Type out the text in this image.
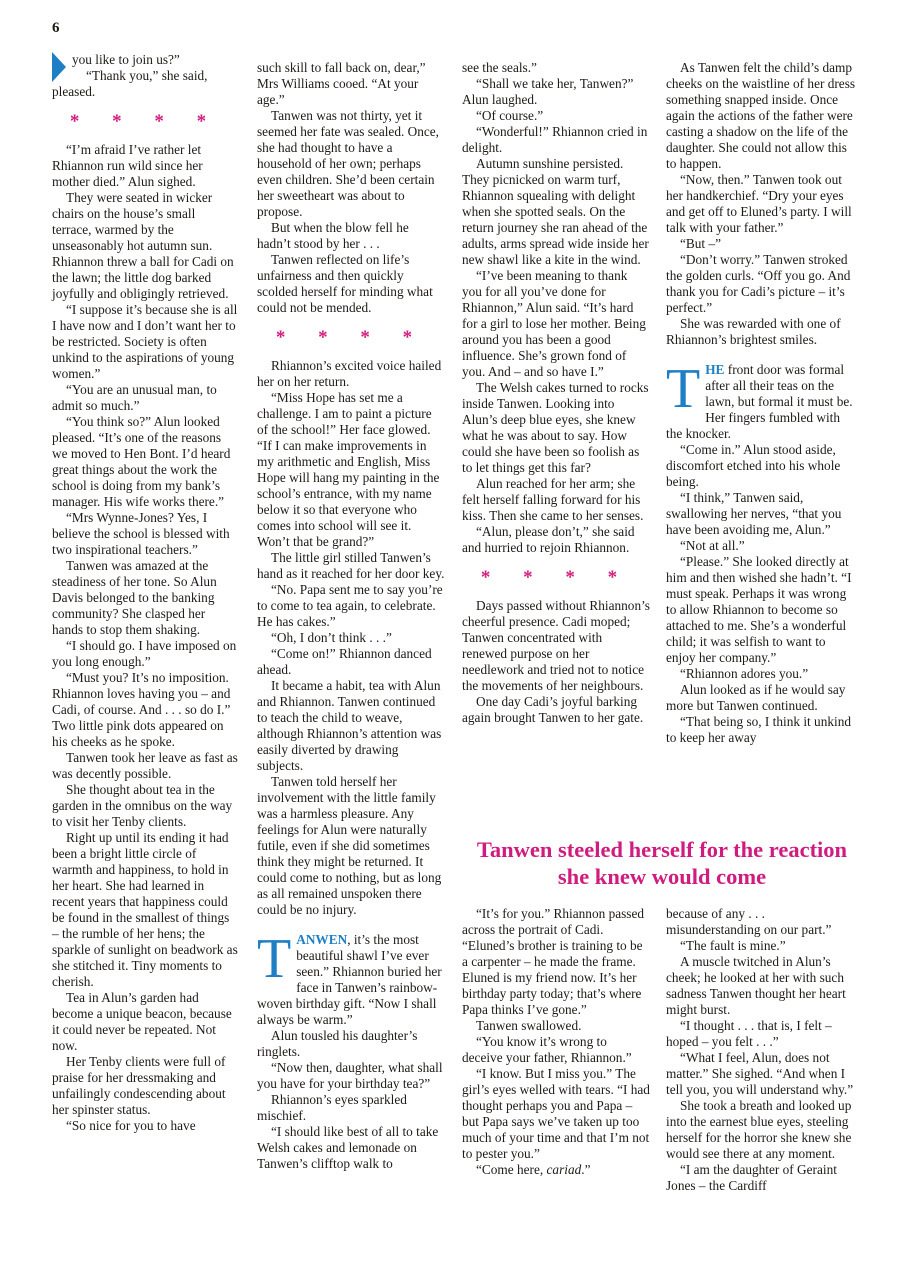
6

you like to join us?”
“Thank you,” she said, pleased.

* * * *

“I’m afraid I’ve rather let Rhiannon run wild since her mother died.” Alun sighed.

They were seated in wicker chairs on the house’s small terrace, warmed by the unseasonably hot autumn sun. Rhiannon threw a ball for Cadi on the lawn; the little dog barked joyfully and obligingly retrieved.

“I suppose it’s because she is all I have now and I don’t want her to be restricted. Society is often unkind to the aspirations of young women.”

“You are an unusual man, to admit so much.”

“You think so?” Alun looked pleased. “It’s one of the reasons we moved to Hen Bont. I’d heard great things about the work the school is doing from my bank’s manager. His wife works there.”

“Mrs Wynne-Jones? Yes, I believe the school is blessed with two inspirational teachers.”

Tanwen was amazed at the steadiness of her tone. So Alun Davis belonged to the banking community? She clasped her hands to stop them shaking.

“I should go. I have imposed on you long enough.”

“Must you? It’s no imposition. Rhiannon loves having you – and Cadi, of course. And . . . so do I.” Two little pink dots appeared on his cheeks as he spoke.

Tanwen took her leave as fast as was decently possible.

She thought about tea in the garden in the omnibus on the way to visit her Tenby clients.

Right up until its ending it had been a bright little circle of warmth and happiness, to hold in her heart. She had learned in recent years that happiness could be found in the smallest of things – the rumble of her hens; the sparkle of sunlight on beadwork as she stitched it. Tiny moments to cherish.

Tea in Alun’s garden had become a unique beacon, because it could never be repeated. Not now.

Her Tenby clients were full of praise for her dressmaking and unfailingly condescending about her spinster status.

“So nice for you to have

such skill to fall back on, dear,” Mrs Williams cooed. “At your age.”

Tanwen was not thirty, yet it seemed her fate was sealed. Once, she had thought to have a household of her own; perhaps even children. She’d been certain her sweetheart was about to propose.

But when the blow fell he hadn’t stood by her . . .

Tanwen reflected on life’s unfairness and then quickly scolded herself for minding what could not be mended.

* * * *

Rhiannon’s excited voice hailed her on her return.

“Miss Hope has set me a challenge. I am to paint a picture of the school!” Her face glowed. “If I can make improvements in my arithmetic and English, Miss Hope will hang my painting in the school’s entrance, with my name below it so that everyone who comes into school will see it. Won’t that be grand?”

The little girl stilled Tanwen’s hand as it reached for her door key.

“No. Papa sent me to say you’re to come to tea again, to celebrate. He has cakes.”

“Oh, I don’t think . . .”

“Come on!” Rhiannon danced ahead.

It became a habit, tea with Alun and Rhiannon. Tanwen continued to teach the child to weave, although Rhiannon’s attention was easily diverted by drawing subjects.

Tanwen told herself her involvement with the little family was a harmless pleasure. Any feelings for Alun were naturally futile, even if she did sometimes think they might be returned. It could come to nothing, but as long as all remained unspoken there could be no injury.

TANWEN, it’s the most beautiful shawl I’ve ever seen.” Rhiannon buried her face in Tanwen’s rainbow-woven birthday gift. “Now I shall always be warm.”

Alun tousled his daughter’s ringlets.

“Now then, daughter, what shall you have for your birthday tea?”

Rhiannon’s eyes sparkled mischief.

“I should like best of all to take Welsh cakes and lemonade on Tanwen’s clifftop walk to

see the seals.”

“Shall we take her, Tanwen?” Alun laughed.

“Of course.”

“Wonderful!” Rhiannon cried in delight.

Autumn sunshine persisted. They picnicked on warm turf, Rhiannon squealing with delight when she spotted seals. On the return journey she ran ahead of the adults, arms spread wide inside her new shawl like a kite in the wind.

“I’ve been meaning to thank you for all you’ve done for Rhiannon,” Alun said. “It’s hard for a girl to lose her mother. Being around you has been a good influence. She’s grown fond of you. And – and so have I.”

The Welsh cakes turned to rocks inside Tanwen. Looking into Alun’s deep blue eyes, she knew what he was about to say. How could she have been so foolish as to let things get this far?

Alun reached for her arm; she felt herself falling forward for his kiss. Then she came to her senses.

“Alun, please don’t,” she said and hurried to rejoin Rhiannon.

* * * *

Days passed without Rhiannon’s cheerful presence. Cadi moped; Tanwen concentrated with renewed purpose on her needlework and tried not to notice the movements of her neighbours.

One day Cadi’s joyful barking again brought Tanwen to her gate.

As Tanwen felt the child’s damp cheeks on the waistline of her dress something snapped inside. Once again the actions of the father were casting a shadow on the life of the daughter. She could not allow this to happen.

“Now, then.” Tanwen took out her handkerchief. “Dry your eyes and get off to Eluned’s party. I will talk with your father.”

“But –”

“Don’t worry.” Tanwen stroked the golden curls. “Off you go. And thank you for Cadi’s picture – it’s perfect.”

She was rewarded with one of Rhiannon’s brightest smiles.

THE front door was formal after all their teas on the lawn, but formal it must be. Her fingers fumbled with the knocker.

“Come in.” Alun stood aside, discomfort etched into his whole being.

“I think,” Tanwen said, swallowing her nerves, “that you have been avoiding me, Alun.”

“Not at all.”

“Please.” She looked directly at him and then wished she hadn’t. “I must speak. Perhaps it was wrong to allow Rhiannon to become so attached to me. She’s a wonderful child; it was selfish to want to enjoy her company.”

“Rhiannon adores you.”

Alun looked as if he would say more but Tanwen continued.

“That being so, I think it unkind to keep her away

Tanwen steeled herself for the reaction she knew would come

“It’s for you.” Rhiannon passed across the portrait of Cadi. “Eluned’s brother is training to be a carpenter – he made the frame. Eluned is my friend now. It’s her birthday party today; that’s where Papa thinks I’ve gone.”

Tanwen swallowed.

“You know it’s wrong to deceive your father, Rhiannon.”

“I know. But I miss you.” The girl’s eyes welled with tears. “I had thought perhaps you and Papa – but Papa says we’ve taken up too much of your time and that I’m not to pester you.”

“Come here, cariad.”

because of any . . . misunderstanding on our part.”

“The fault is mine.”

A muscle twitched in Alun’s cheek; he looked at her with such sadness Tanwen thought her heart might burst.

“I thought . . . that is, I felt – hoped – you felt . . .”

“What I feel, Alun, does not matter.” She sighed. “And when I tell you, you will understand why.”

She took a breath and looked up into the earnest blue eyes, steeling herself for the horror she knew she would see there at any moment.

“I am the daughter of Geraint Jones – the Cardiff
